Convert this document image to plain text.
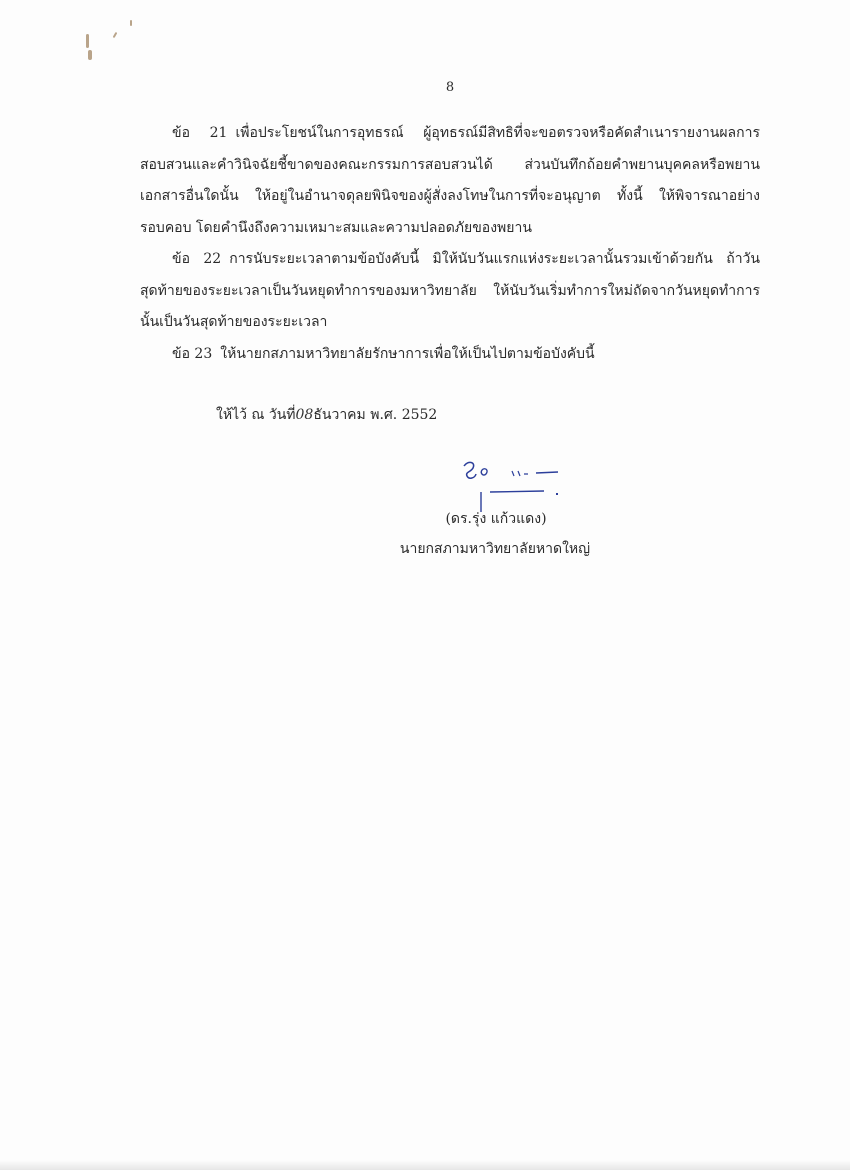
8

ข้อ 21 เพื่อประโยชน์ในการอุทธรณ์ ผู้อุทธรณ์มีสิทธิที่จะขอตรวจหรือคัดสำเนารายงานผลการสอบสวนและคำวินิจฉัยชี้ขาดของคณะกรรมการสอบสวนได้ ส่วนบันทึกถ้อยคำพยานบุคคลหรือพยานเอกสารอื่นใดนั้น ให้อยู่ในอำนาจดุลยพินิจของผู้สั่งลงโทษในการที่จะอนุญาต ทั้งนี้ ให้พิจารณาอย่างรอบคอบ โดยคำนึงถึงความเหมาะสมและความปลอดภัยของพยาน

ข้อ 22 การนับระยะเวลาตามข้อบังคับนี้ มิให้นับวันแรกแห่งระยะเวลานั้นรวมเข้าด้วยกัน ถ้าวันสุดท้ายของระยะเวลาเป็นวันหยุดทำการของมหาวิทยาลัย ให้นับวันเริ่มทำการใหม่ถัดจากวันหยุดทำการนั้นเป็นวันสุดท้ายของระยะเวลา

ข้อ 23 ให้นายกสภามหาวิทยาลัยรักษาการเพื่อให้เป็นไปตามข้อบังคับนี้

ให้ไว้ ณ วันที่08ธันวาคม พ.ศ. 2552
(ดร.รุ่ง แก้วแดง)
นายกสภามหาวิทยาลัยหาดใหญ่
